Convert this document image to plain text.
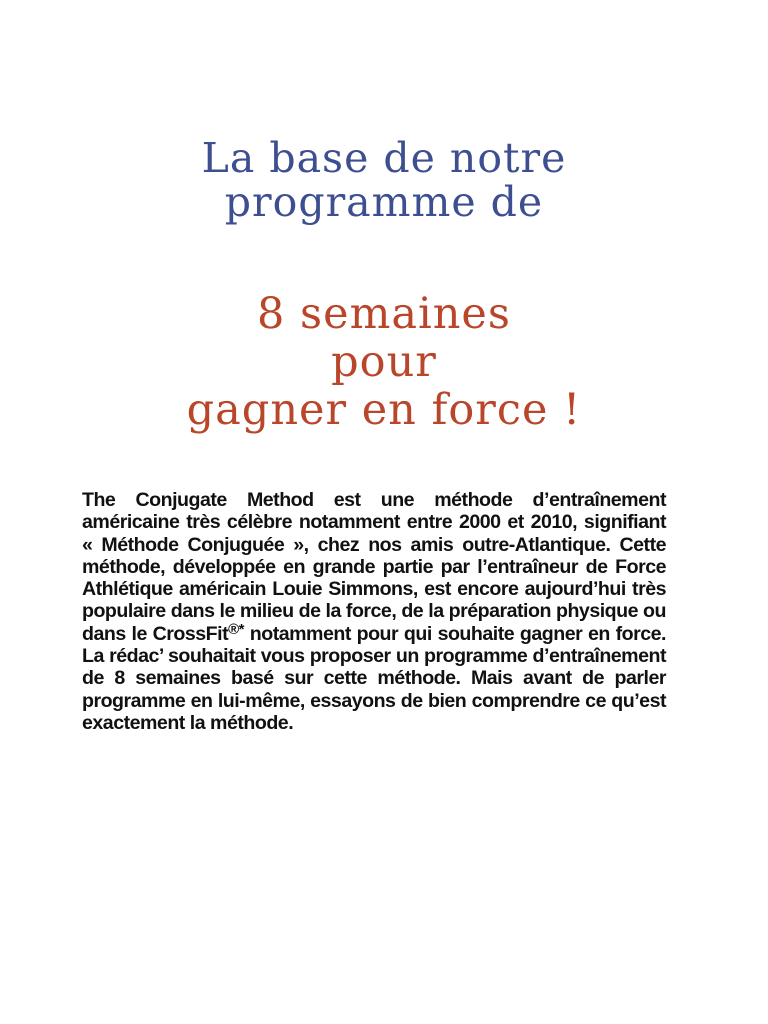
La base de notre
programme de
8 semaines
pour
gagner en force !

The Conjugate Method est une méthode d’entraînement américaine très célèbre notamment entre 2000 et 2010, signifiant « Méthode Conjuguée », chez nos amis outre-Atlantique. Cette méthode, développée en grande partie par l’entraîneur de Force Athlétique américain Louie Simmons, est encore aujourd’hui très populaire dans le milieu de la force, de la préparation physique ou dans le CrossFit®* notamment pour qui souhaite gagner en force. La rédac’ souhaitait vous proposer un programme d’entraînement de 8 semaines basé sur cette méthode. Mais avant de parler programme en lui-même, essayons de bien comprendre ce qu’est exactement la méthode.
